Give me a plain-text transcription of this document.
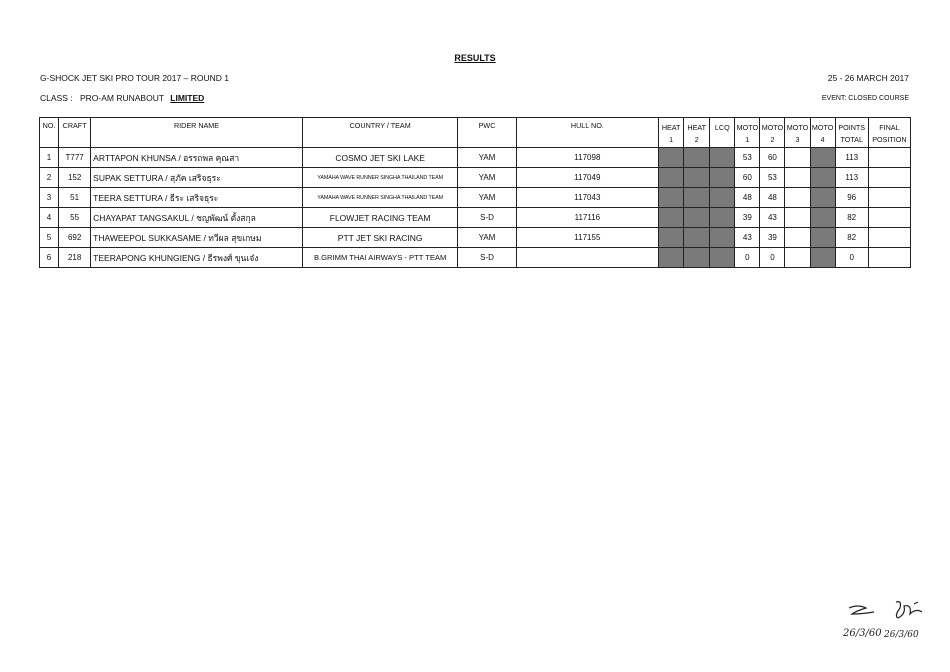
RESULTS
G-SHOCK JET SKI PRO TOUR 2017 – ROUND 1	25 - 26 MARCH 2017
CLASS : PRO-AM RUNABOUT LIMITED	EVENT: CLOSED COURSE
NO.	CRAFT	RIDER NAME	COUNTRY / TEAM	PWC	HULL NO.	HEAT	HEAT	LCQ	MOTO	MOTO	MOTO	MOTO	POINTS	FINAL
						1	2		1	2	3	4	TOTAL	POSITION
1	T777	ARTTAPON KHUNSA / อรรถพล คุณสา	COSMO JET SKI LAKE	YAM	117098				53	60			113	
2	152	SUPAK SETTURA / สุภัค เสริจธุระ	YAMAHA WAVE RUNNER SINGHA THAILAND TEAM	YAM	117049				60	53			113	
3	51	TEERA SETTURA / ธีระ เสริจธุระ	YAMAHA WAVE RUNNER SINGHA THAILAND TEAM	YAM	117043				48	48			96	
4	55	CHAYAPAT TANGSAKUL / ชญพัฒน์ ตั้งสกุล	FLOWJET RACING TEAM	S-D	117116				39	43			82	
5	692	THAWEEPOL SUKKASAME / ทวีผล สุขเกษม	PTT JET SKI RACING	YAM	117155				43	39			82	
6	218	TEERAPONG KHUNGIENG / ธีรพงศ์ ขุนเจ๋ง	B.GRIMM THAI AIRWAYS - PTT TEAM	S-D					0	0			0	
26/3/60 26/3/60
